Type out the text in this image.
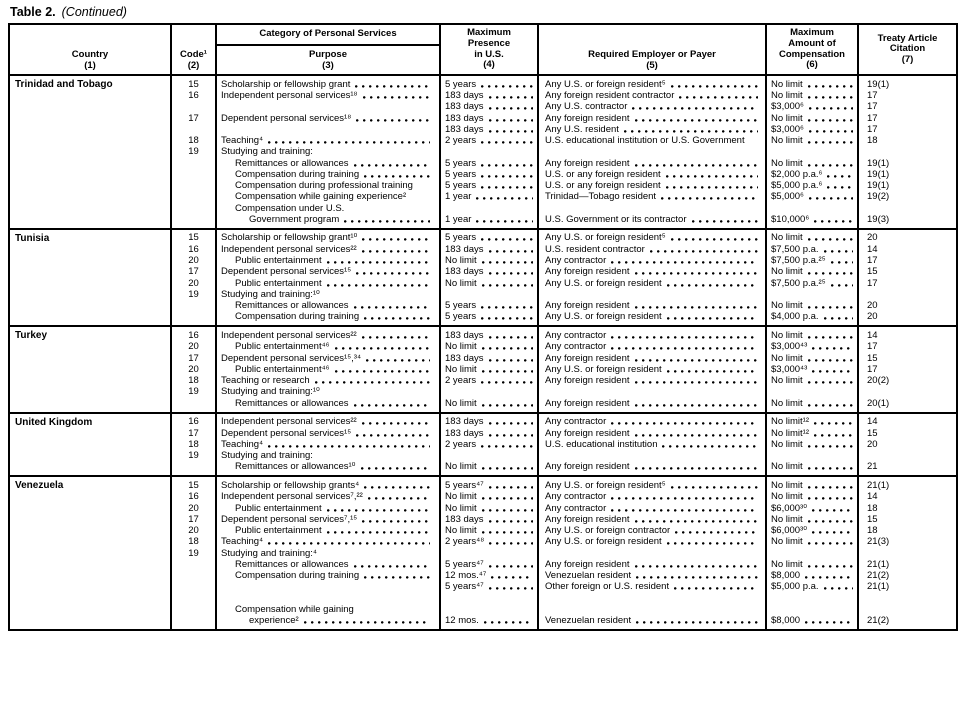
Table 2. (Continued)
Country
(1)
Code¹
(2)
Category of Personal Services
Purpose
(3)
Maximum
Presence
in U.S.
(4)
Required Employer or Payer
(5)
Maximum
Amount of
Compensation
(6)
Treaty Article
Citation
(7)
Trinidad and Tobago	15 Scholarship or fellowship grant	5 years	Any U.S. or foreign resident⁵	No limit	19(1)
16 Independent personal services¹⁸	183 days	Any foreign resident contractor	No limit	17
183 days	Any U.S. contractor	$3,000⁶	17
17 Dependent personal services¹⁸	183 days	Any foreign resident	No limit	17
183 days	Any U.S. resident	$3,000⁶	17
18 Teaching⁴	2 years	U.S. educational institution or U.S. Government	No limit	18
19 Studying and training:
Remittances or allowances	5 years	Any foreign resident	No limit	19(1)
Compensation during training	5 years	U.S. or any foreign resident	$2,000 p.a.⁶	19(1)
Compensation during professional training	5 years	U.S. or any foreign resident	$5,000 p.a.⁶	19(1)
Compensation while gaining experience²	1 year	Trinidad—Tobago resident	$5,000⁶	19(2)
Compensation under U.S.
Government program	1 year	U.S. Government or its contractor	$10,000⁶	19(3)
Tunisia	15 Scholarship or fellowship grant¹⁰	5 years	Any U.S. or foreign resident⁵	No limit	20
16 Independent personal services²²	183 days	U.S. resident contractor	$7,500 p.a.	14
20	Public entertainment	No limit	Any contractor	$7,500 p.a.²⁵	17
17 Dependent personal services¹⁵	183 days	Any foreign resident	No limit	15
20	Public entertainment	No limit	Any U.S. or foreign resident	$7,500 p.a.²⁵	17
19 Studying and training:¹⁰
Remittances or allowances	5 years	Any foreign resident	No limit	20
Compensation during training	5 years	Any U.S. or foreign resident	$4,000 p.a.	20
Turkey	16 Independent personal services²²	183 days	Any contractor	No limit	14
20	Public entertainment⁴⁶	No limit	Any contractor	$3,000⁴³	17
17 Dependent personal services¹⁵,³⁴	183 days	Any foreign resident	No limit	15
20	Public entertainment⁴⁶	No limit	Any U.S. or foreign resident	$3,000⁴³	17
18 Teaching or research	2 years	Any foreign resident	No limit	20(2)
19 Studying and training:¹⁰
Remittances or allowances	No limit	Any foreign resident	No limit	20(1)
United Kingdom	16 Independent personal services²²	183 days	Any contractor	No limit¹²	14
17 Dependent personal services¹⁵	183 days	Any foreign resident	No limit¹²	15
18 Teaching⁴	2 years	U.S. educational institution	No limit	20
19 Studying and training:
Remittances or allowances¹⁰	No limit	Any foreign resident	No limit	21
Venezuela	15 Scholarship or fellowship grants⁴	5 years⁴⁷	Any U.S. or foreign resident⁵	No limit	21(1)
16 Independent personal services⁷,²²	No limit	Any contractor	No limit	14
20	Public entertainment	No limit	Any contractor	$6,000³⁰	18
17 Dependent personal services⁷,¹⁵	183 days	Any foreign resident	No limit	15
20	Public entertainment	No limit	Any U.S. or foreign contractor	$6,000³⁰	18
18 Teaching⁴	2 years⁴⁸	Any U.S. or foreign resident	No limit	21(3)
19 Studying and training:⁴
Remittances or allowances	5 years⁴⁷	Any foreign resident	No limit	21(1)
Compensation during training	12 mos.⁴⁷	Venezuelan resident	$8,000	21(2)
5 years⁴⁷	Other foreign or U.S. resident	$5,000 p.a.	21(1)
Compensation while gaining
experience²	12 mos.	Venezuelan resident	$8,000	21(2)
